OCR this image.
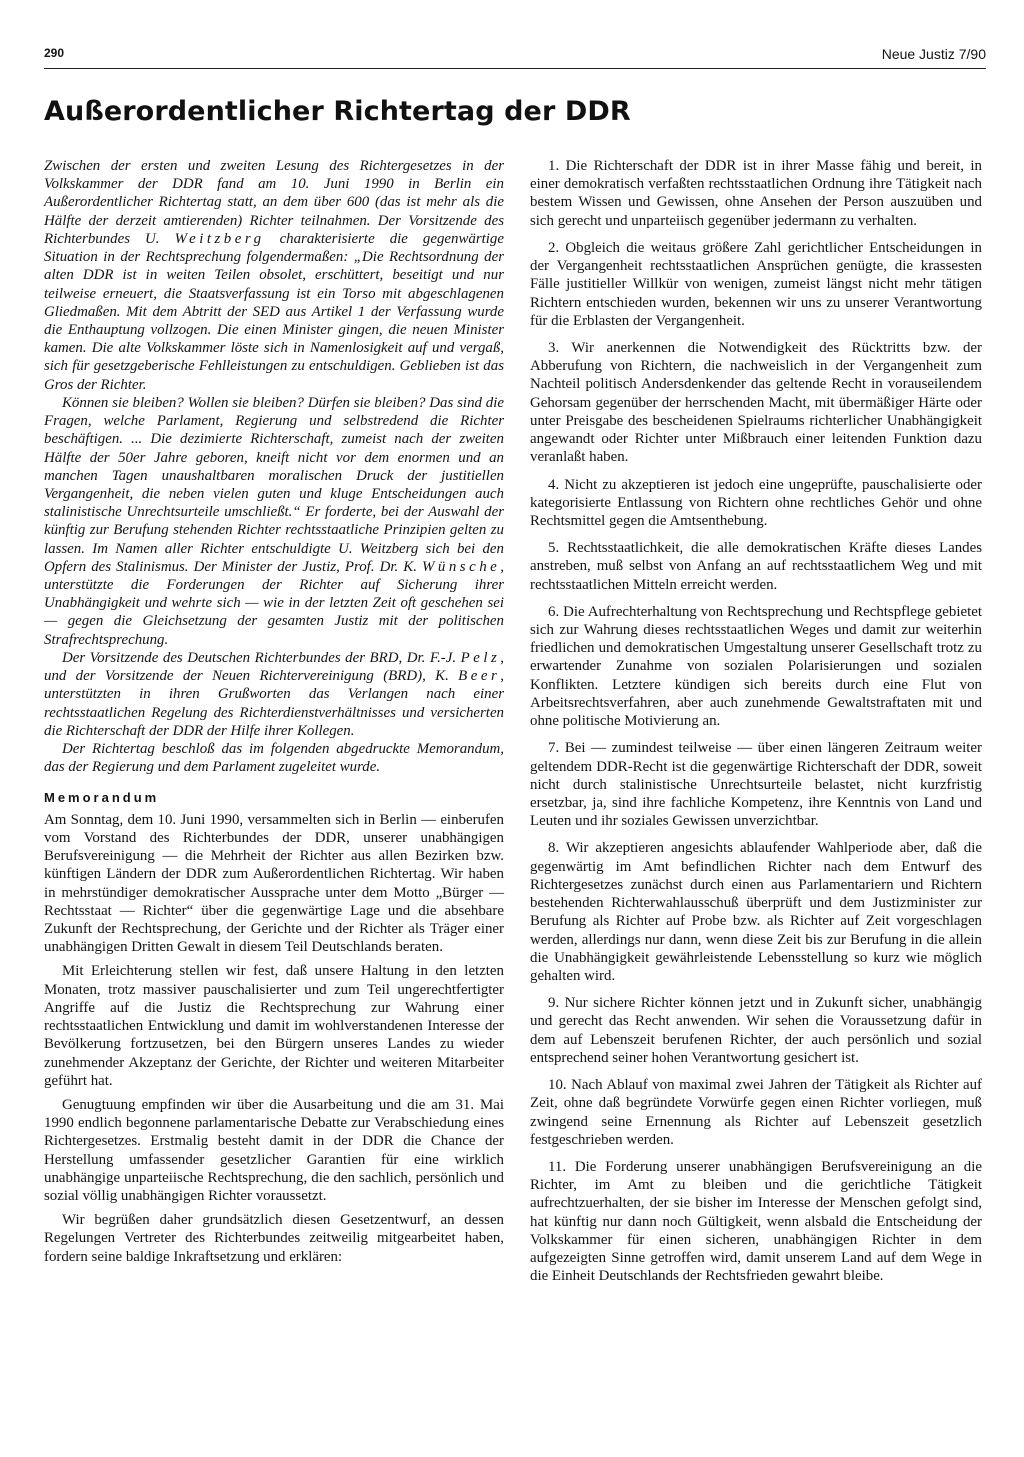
290	Neue Justiz 7/90
Außerordentlicher Richtertag der DDR

Zwischen der ersten und zweiten Lesung des Richtergesetzes in der Volkskammer der DDR fand am 10. Juni 1990 in Berlin ein Außerordentlicher Richtertag statt, an dem über 600 (das ist mehr als die Hälfte der derzeit amtierenden) Richter teilnahmen. Der Vorsitzende des Richterbundes U. Weitzberg charakterisierte die gegenwärtige Situation in der Rechtsprechung folgendermaßen: „Die Rechtsordnung der alten DDR ist in weiten Teilen obsolet, erschüttert, beseitigt und nur teilweise erneuert, die Staatsverfassung ist ein Torso mit abgeschlagenen Gliedmaßen. Mit dem Abtritt der SED aus Artikel 1 der Verfassung wurde die Enthauptung vollzogen. Die einen Minister gingen, die neuen Minister kamen. Die alte Volkskammer löste sich in Namenlosigkeit auf und vergaß, sich für gesetzgeberische Fehlleistungen zu entschuldigen. Geblieben ist das Gros der Richter.

Können sie bleiben? Wollen sie bleiben? Dürfen sie bleiben? Das sind die Fragen, welche Parlament, Regierung und selbstredend die Richter beschäftigen. ... Die dezimierte Richterschaft, zumeist nach der zweiten Hälfte der 50er Jahre geboren, kneift nicht vor dem enormen und an manchen Tagen unaushaltbaren moralischen Druck der justitiellen Vergangenheit, die neben vielen guten und kluge Entscheidungen auch stalinistische Unrechtsurteile umschließt.“ Er forderte, bei der Auswahl der künftig zur Berufung stehenden Richter rechtsstaatliche Prinzipien gelten zu lassen. Im Namen aller Richter entschuldigte U. Weitzberg sich bei den Opfern des Stalinismus. Der Minister der Justiz, Prof. Dr. K. Wünsche, unterstützte die Forderungen der Richter auf Sicherung ihrer Unabhängigkeit und wehrte sich — wie in der letzten Zeit oft geschehen sei — gegen die Gleichsetzung der gesamten Justiz mit der politischen Strafrechtsprechung.

Der Vorsitzende des Deutschen Richterbundes der BRD, Dr. F.-J. Pelz, und der Vorsitzende der Neuen Richtervereinigung (BRD), K. Beer, unterstützten in ihren Grußworten das Verlangen nach einer rechtsstaatlichen Regelung des Richterdienstverhältnisses und versicherten die Richterschaft der DDR der Hilfe ihrer Kollegen.

Der Richtertag beschloß das im folgenden abgedruckte Memorandum, das der Regierung und dem Parlament zugeleitet wurde.

Memorandum

Am Sonntag, dem 10. Juni 1990, versammelten sich in Berlin — einberufen vom Vorstand des Richterbundes der DDR, unserer unabhängigen Berufsvereinigung — die Mehrheit der Richter aus allen Bezirken bzw. künftigen Ländern der DDR zum Außerordentlichen Richtertag. Wir haben in mehrstündiger demokratischer Aussprache unter dem Motto „Bürger — Rechtsstaat — Richter“ über die gegenwärtige Lage und die absehbare Zukunft der Rechtsprechung, der Gerichte und der Richter als Träger einer unabhängigen Dritten Gewalt in diesem Teil Deutschlands beraten.

Mit Erleichterung stellen wir fest, daß unsere Haltung in den letzten Monaten, trotz massiver pauschalisierter und zum Teil ungerechtfertigter Angriffe auf die Justiz die Rechtsprechung zur Wahrung einer rechtsstaatlichen Entwicklung und damit im wohlverstandenen Interesse der Bevölkerung fortzusetzen, bei den Bürgern unseres Landes zu wieder zunehmender Akzeptanz der Gerichte, der Richter und weiteren Mitarbeiter geführt hat.

Genugtuung empfinden wir über die Ausarbeitung und die am 31. Mai 1990 endlich begonnene parlamentarische Debatte zur Verabschiedung eines Richtergesetzes. Erstmalig besteht damit in der DDR die Chance der Herstellung umfassender gesetzlicher Garantien für eine wirklich unabhängige unparteiische Rechtsprechung, die den sachlich, persönlich und sozial völlig unabhängigen Richter voraussetzt.

Wir begrüßen daher grundsätzlich diesen Gesetzentwurf, an dessen Regelungen Vertreter des Richterbundes zeitweilig mitgearbeitet haben, fordern seine baldige Inkraftsetzung und erklären:

1. Die Richterschaft der DDR ist in ihrer Masse fähig und bereit, in einer demokratisch verfaßten rechtsstaatlichen Ordnung ihre Tätigkeit nach bestem Wissen und Gewissen, ohne Ansehen der Person auszuüben und sich gerecht und unparteiisch gegenüber jedermann zu verhalten.

2. Obgleich die weitaus größere Zahl gerichtlicher Entscheidungen in der Vergangenheit rechtsstaatlichen Ansprüchen genügte, die krassesten Fälle justitieller Willkür von wenigen, zumeist längst nicht mehr tätigen Richtern entschieden wurden, bekennen wir uns zu unserer Verantwortung für die Erblasten der Vergangenheit.

3. Wir anerkennen die Notwendigkeit des Rücktritts bzw. der Abberufung von Richtern, die nachweislich in der Vergangenheit zum Nachteil politisch Andersdenkender das geltende Recht in vorauseilendem Gehorsam gegenüber der herrschenden Macht, mit übermäßiger Härte oder unter Preisgabe des bescheidenen Spielraums richterlicher Unabhängigkeit angewandt oder Richter unter Mißbrauch einer leitenden Funktion dazu veranlaßt haben.

4. Nicht zu akzeptieren ist jedoch eine ungeprüfte, pauschalisierte oder kategorisierte Entlassung von Richtern ohne rechtliches Gehör und ohne Rechtsmittel gegen die Amtsenthebung.

5. Rechtsstaatlichkeit, die alle demokratischen Kräfte dieses Landes anstreben, muß selbst von Anfang an auf rechtsstaatlichem Weg und mit rechtsstaatlichen Mitteln erreicht werden.

6. Die Aufrechterhaltung von Rechtsprechung und Rechtspflege gebietet sich zur Wahrung dieses rechtsstaatlichen Weges und damit zur weiterhin friedlichen und demokratischen Umgestaltung unserer Gesellschaft trotz zu erwartender Zunahme von sozialen Polarisierungen und sozialen Konflikten. Letztere kündigen sich bereits durch eine Flut von Arbeitsrechtsverfahren, aber auch zunehmende Gewaltstraftaten mit und ohne politische Motivierung an.

7. Bei — zumindest teilweise — über einen längeren Zeitraum weiter geltendem DDR-Recht ist die gegenwärtige Richterschaft der DDR, soweit nicht durch stalinistische Unrechtsurteile belastet, nicht kurzfristig ersetzbar, ja, sind ihre fachliche Kompetenz, ihre Kenntnis von Land und Leuten und ihr soziales Gewissen unverzichtbar.

8. Wir akzeptieren angesichts ablaufender Wahlperiode aber, daß die gegenwärtig im Amt befindlichen Richter nach dem Entwurf des Richtergesetzes zunächst durch einen aus Parlamentariern und Richtern bestehenden Richterwahlausschuß überprüft und dem Justizminister zur Berufung als Richter auf Probe bzw. als Richter auf Zeit vorgeschlagen werden, allerdings nur dann, wenn diese Zeit bis zur Berufung in die allein die Unabhängigkeit gewährleistende Lebensstellung so kurz wie möglich gehalten wird.

9. Nur sichere Richter können jetzt und in Zukunft sicher, unabhängig und gerecht das Recht anwenden. Wir sehen die Voraussetzung dafür in dem auf Lebenszeit berufenen Richter, der auch persönlich und sozial entsprechend seiner hohen Verantwortung gesichert ist.

10. Nach Ablauf von maximal zwei Jahren der Tätigkeit als Richter auf Zeit, ohne daß begründete Vorwürfe gegen einen Richter vorliegen, muß zwingend seine Ernennung als Richter auf Lebenszeit gesetzlich festgeschrieben werden.

11. Die Forderung unserer unabhängigen Berufsvereinigung an die Richter, im Amt zu bleiben und die gerichtliche Tätigkeit aufrechtzuerhalten, der sie bisher im Interesse der Menschen gefolgt sind, hat künftig nur dann noch Gültigkeit, wenn alsbald die Entscheidung der Volkskammer für einen sicheren, unabhängigen Richter in dem aufgezeigten Sinne getroffen wird, damit unserem Land auf dem Wege in die Einheit Deutschlands der Rechtsfrieden gewahrt bleibe.
